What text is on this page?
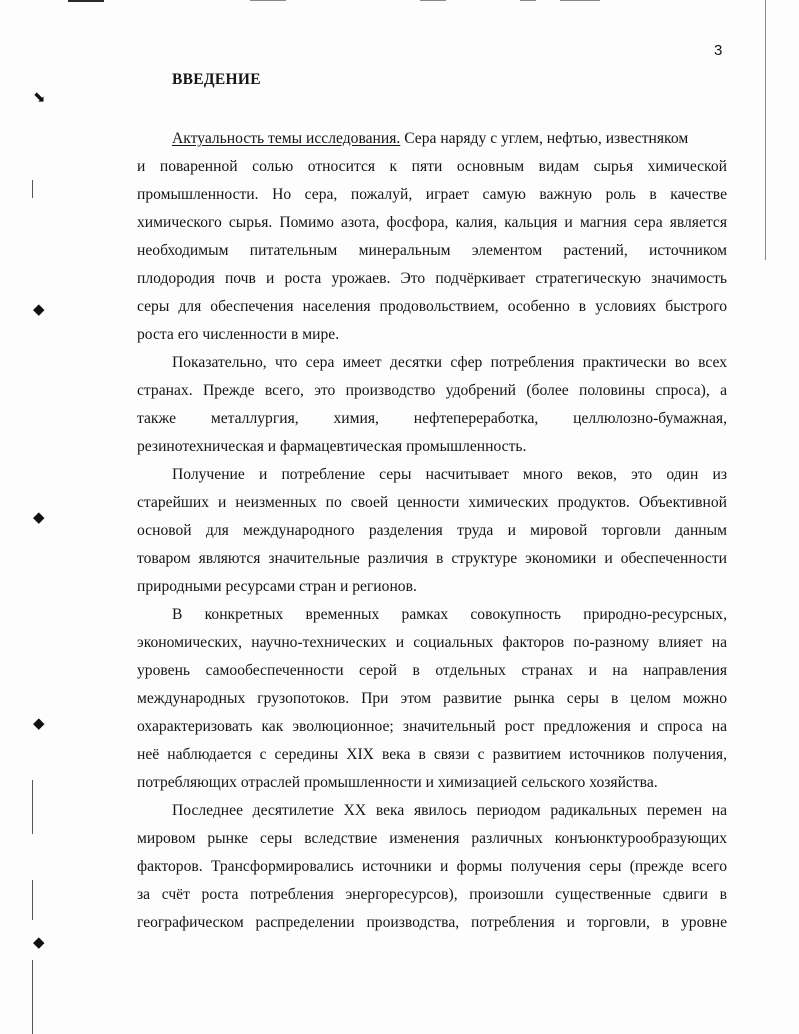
⬊
◆
◆
◆
◆
3
ВВЕДЕНИЕ
Актуальность темы исследования. Сера наряду с углем, нефтью, известняком
и поваренной солью относится к пяти основным видам сырья химической
промышленности. Но сера, пожалуй, играет самую важную роль в качестве
химического сырья. Помимо азота, фосфора, калия, кальция и магния сера является
необходимым питательным минеральным элементом растений, источником
плодородия почв и роста урожаев. Это подчёркивает стратегическую значимость
серы для обеспечения населения продовольствием, особенно в условиях быстрого
роста его численности в мире.
Показательно, что сера имеет десятки сфер потребления практически во всех
странах. Прежде всего, это производство удобрений (более половины спроса), а
также металлургия, химия, нефтепереработка, целлюлозно-бумажная,
резинотехническая и фармацевтическая промышленность.
Получение и потребление серы насчитывает много веков, это один из
старейших и неизменных по своей ценности химических продуктов. Объективной
основой для международного разделения труда и мировой торговли данным
товаром являются значительные различия в структуре экономики и обеспеченности
природными ресурсами стран и регионов.
В конкретных временных рамках совокупность природно-ресурсных,
экономических, научно-технических и социальных факторов по-разному влияет на
уровень самообеспеченности серой в отдельных странах и на направления
международных грузопотоков. При этом развитие рынка серы в целом можно
охарактеризовать как эволюционное; значительный рост предложения и спроса на
неё наблюдается с середины XIX века в связи с развитием источников получения,
потребляющих отраслей промышленности и химизацией сельского хозяйства.
Последнее десятилетие XX века явилось периодом радикальных перемен на
мировом рынке серы вследствие изменения различных конъюнктурообразующих
факторов. Трансформировались источники и формы получения серы (прежде всего
за счёт роста потребления энергоресурсов), произошли существенные сдвиги в
географическом распределении производства, потребления и торговли, в уровне
